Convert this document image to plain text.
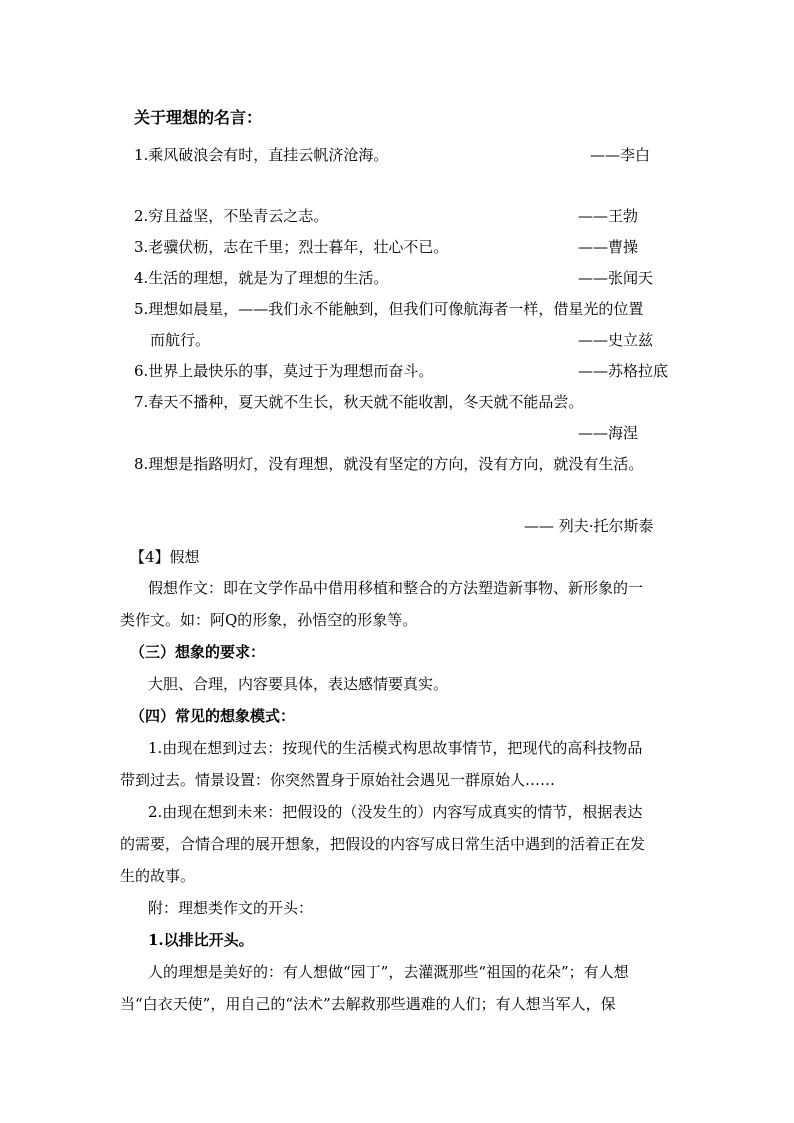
关于理想的名言：
1.乘风破浪会有时，直挂云帆济沧海。	——李白
2.穷且益坚，不坠青云之志。	——王勃
3.老骥伏枥，志在千里；烈士暮年，壮心不已。	——曹操
4.生活的理想，就是为了理想的生活。	——张闻天
5.理想如晨星，——我们永不能触到，但我们可像航海者一样，借星光的位置
而航行。	——史立兹
6.世界上最快乐的事，莫过于为理想而奋斗。	——苏格拉底
7.春天不播种，夏天就不生长，秋天就不能收割，冬天就不能品尝。
——海涅
8.理想是指路明灯，没有理想，就没有坚定的方向，没有方向，就没有生活。
—— 列夫·托尔斯泰
【4】假想
假想作文：即在文学作品中借用移植和整合的方法塑造新事物、新形象的一
类作文。如：阿Q的形象，孙悟空的形象等。
（三）想象的要求：
大胆、合理，内容要具体，表达感情要真实。
（四）常见的想象模式：
1.由现在想到过去：按现代的生活模式构思故事情节，把现代的高科技物品
带到过去。情景设置：你突然置身于原始社会遇见一群原始人……
2.由现在想到未来：把假设的（没发生的）内容写成真实的情节，根据表达
的需要，合情合理的展开想象，把假设的内容写成日常生活中遇到的活着正在发
生的故事。
附：理想类作文的开头：
1.以排比开头。
人的理想是美好的：有人想做“园丁”，去灌溉那些“祖国的花朵”；有人想
当“白衣天使”，用自己的“法术”去解救那些遇难的人们；有人想当军人，保
